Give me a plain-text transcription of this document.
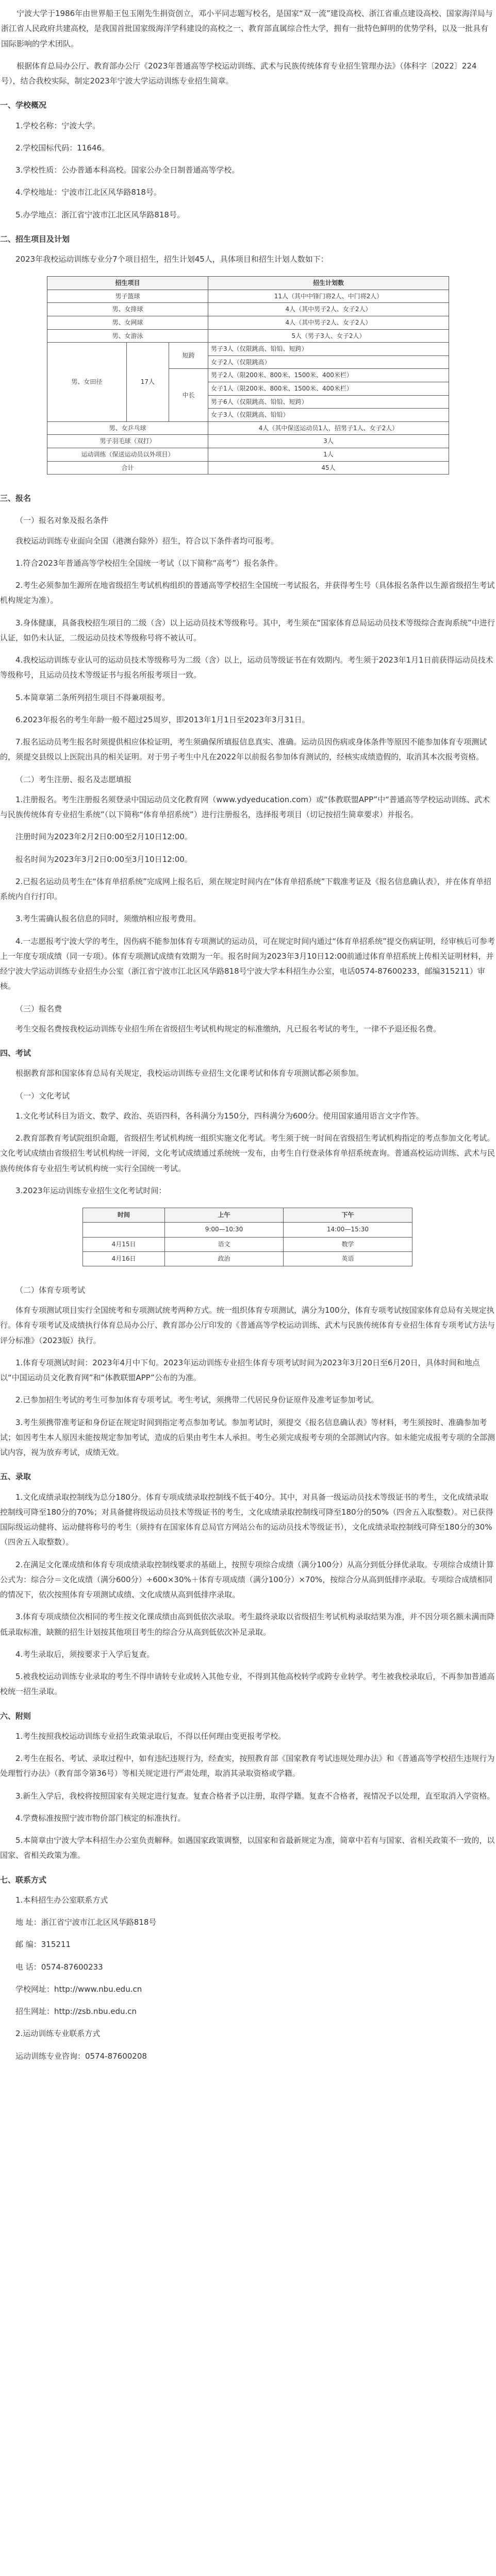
宁波大学于1986年由世界船王包玉刚先生捐资创立，邓小平同志题写校名，是国家“双一流”建设高校、浙江省重点建设高校、国家海洋局与浙江省人民政府共建高校，是我国首批国家级海洋学科建设的高校之一、教育部直属综合性大学，拥有一批特色鲜明的优势学科，以及一批具有国际影响的学术团队。

根据体育总局办公厅、教育部办公厅《2023年普通高等学校运动训练、武术与民族传统体育专业招生管理办法》（体科字〔2022〕224号），结合我校实际，制定2023年宁波大学运动训练专业招生简章。

一、学校概况

1.学校名称：宁波大学。

2.学校国标代码：11646。

3.学校性质：公办普通本科高校。国家公办全日制普通高等学校。

4.学校地址：宁波市江北区风华路818号。

5.办学地点：浙江省宁波市江北区风华路818号。

二、招生项目及计划

2023年我校运动训练专业分7个项目招生，招生计划45人，具体项目和招生计划人数如下：

招生项目			招生计划数
男子篮球			11人（其中中锋门将2人、中门将2人）
男、女排球			4人（其中男子2人、女子2人）
男、女网球			4人（其中男子2人、女子2人）
男、女游泳			5人（男子3人、女子2人）
男、女田径	17人	短跨	男子3人（仅限跳高、铅铅、短跨）
			女子2人（仅限跳高）
		中长	男子2人（限200米、800米、1500米、400米栏）
			女子1人（限200米、800米、1500米、400米栏）
			男子6人（仅限跳高、铅铅、短跨）
			女子3人（仅限跳高、铅铅）
男、女乒乓球			4人（其中保送运动员1人，招男子1人、女子2人）
男子羽毛球（双打）			3人
运动训练（保送运动员以外项目）			1人
合计			45人
三、报名

（一）报名对象及报名条件

我校运动训练专业面向全国（港澳台除外）招生，符合以下条件者均可报考。

1.符合2023年普通高等学校招生全国统一考试（以下简称“高考”）报名条件。

2.考生必须参加生源所在地省级招生考试机构组织的普通高等学校招生全国统一考试报名，并获得考生号（具体报名条件以生源省级招生考试机构规定为准）。

3.身体健康，具备我校招生项目的二级（含）以上运动员技术等级称号。其中，考生须在“国家体育总局运动员技术等级综合查询系统”中进行认证，如仍未认证，二级运动员技术等级称号将不被认可。

4.我校运动训练专业认可的运动员技术等级称号为二级（含）以上，运动员等级证书在有效期内。考生须于2023年1月1日前获得运动员技术等级称号，且运动员技术等级证书与报名所报考项目一致。

5.本简章第二条所列招生项目不得兼项报考。

6.2023年报名的考生年龄一般不超过25周岁，即2013年1月1日至2023年3月31日。

7.报名运动员考生报名时须提供相应体检证明，考生须确保所填报信息真实、准确。运动员因伤病或身体条件等原因不能参加体育专项测试的，须提交县级以上医院出具的相关证明。对于男子考生中凡在2022年以前报名参加体育测试的，经核实成绩造假的，取消其本次报考资格。

（二）考生注册、报名及志愿填报

1.注册报名。考生注册报名须登录中国运动员文化教育网（www.ydyeducation.com）或“体教联盟APP”中“普通高等学校运动训练、武术与民族传统体育专业招生系统”（以下简称“体育单招系统”）进行注册报名，选择报考项目（切记按招生简章要求）并报名。

注册时间为2023年2月2日0:00至2月10日12:00。

报名时间为2023年3月2日0:00至3月10日12:00。

2.已报名运动员考生在“体育单招系统”完成网上报名后，须在规定时间内在“体育单招系统”下载准考证及《报名信息确认表》，并在体育单招系统内自行打印。

3.考生需确认报名信息的同时，须缴纳相应报考费用。

4.一志愿报考宁波大学的考生，因伤病不能参加体育专项测试的运动员，可在规定时间内通过“体育单招系统”提交伤病证明，经审核后可参考上一年度专项成绩（同一专项）。体育专项测试成绩有效期为一年。报名时间为2023年3月10日12:00前通过体育单招系统上传相关证明材料，并经宁波大学运动训练专业招生办公室（浙江省宁波市江北区风华路818号宁波大学本科招生办公室，电话0574-87600233，邮编315211）审核。

（三）报名费

考生交报名费按我校运动训练专业招生所在省级招生考试机构规定的标准缴纳，凡已报名考试的考生，一律不予退还报名费。

四、考试

根据教育部和国家体育总局有关规定，我校运动训练专业招生文化课考试和体育专项测试都必须参加。

（一）文化考试

1.文化考试科目为语文、数学、政治、英语四科，各科满分为150分，四科满分为600分。使用国家通用语言文字作答。

2.教育部教育考试院组织命题，省级招生考试机构统一组织实施文化考试。考生须于统一时间在省级招生考试机构指定的考点参加文化考试。文化考试成绩由省级招生考试机构统一评阅，文化考试成绩通过系统统一发布，由考生自行登录体育单招系统查询。普通高校运动训练、武术与民族传统体育专业招生考试机构统一实行全国统一考试。

3.2023年运动训练专业招生文化考试时间：

时间	上午	下午
	9:00—10:30	14:00—15:30
4月15日	语文	数学
4月16日	政治	英语

（二）体育专项考试

体育专项测试项目实行全国统考和专项测试统考两种方式。统一组织体育专项测试，满分为100分，体育专项考试按国家体育总局有关规定执行。体育专项考试及成绩执行体育总局办公厅、教育部办公厅印发的《普通高等学校运动训练、武术与民族传统体育专业招生体育专项考试方法与评分标准》（2023版）执行。

1.体育专项测试时间：2023年4月中下旬。2023年运动训练专业招生体育专项考试时间为2023年3月20日至6月20日，具体时间和地点以“中国运动员文化教育网”和“体教联盟APP”公布的为准。

2.已参加招生考试的考生可参加体育专项考试。考生考试，须携带二代居民身份证原件及准考证参加考试。

3.考生须携带准考证和身份证在规定时间到指定考点参加考试。参加考试时，须提交《报名信息确认表》等材料，考生须按时、准确参加考试；如因考生本人原因未能按规定参加考试，造成的后果由考生本人承担。考生必须完成报考专项的全部测试内容。如未能完成报考专项的全部测试内容，视为放弃考试，成绩无效。

五、录取

1.文化成绩录取控制线为总分180分。体育专项成绩录取控制线不低于40分。其中，对具备一级运动员技术等级证书的考生，文化成绩录取控制线可降至180分的70%；对具备健将级运动员技术等级证书的考生，文化成绩录取控制线可降至180分的50%（四舍五入取整数）。对已获得国际级运动健将、运动健将称号的考生（须持有在国家体育总局官方网站公布的运动员技术等级证书），文化成绩录取控制线可降至180分的30%（四舍五入取整数）。

2.在满足文化课成绩和体育专项成绩录取控制线要求的基础上，按照专项综合成绩（满分100分）从高分到低分择优录取。专项综合成绩计算公式为：综合分＝文化成绩（满分600分）÷600×30%＋体育专项成绩（满分100分）×70%，按综合分从高到低排序录取。专项综合成绩相同的情况下，依次按照体育专项测试成绩、文化成绩从高到低排序录取。

3.体育专项成绩位次相同的考生按文化课成绩由高到低依次录取。考生最终录取以省级招生考试机构录取结果为准，并不因分项名额未满而降低录取标准，缺额的招生计划按其他项目考生的综合分从高到低依次补足录取。

4.考生录取后，须按要求于入学后复查。

5.被我校运动训练专业录取的考生不得申请转专业或转入其他专业，不得到其他高校转学或跨专业转学。考生被我校录取后，不再参加普通高校统一招生录取。

六、附则

1.考生按照我校运动训练专业招生政策录取后，不得以任何理由变更报考学校。

2.考生在报名、考试、录取过程中，如有违纪违规行为，经查实，按照教育部《国家教育考试违规处理办法》和《普通高等学校招生违规行为处理暂行办法》（教育部令第36号）等相关规定进行严肃处理，取消其录取资格或学籍。

3.新生入学后，我校将按照国家有关规定进行复查。复查合格者予以注册，取得学籍。复查不合格者，视情况予以处理，直至取消入学资格。

4.学费标准按照宁波市物价部门核定的标准执行。

5.本简章由宁波大学本科招生办公室负责解释。如遇国家政策调整，以国家和省最新规定为准，简章中若有与国家、省相关政策不一致的，以国家、省相关政策为准。

七、联系方式

1.本科招生办公室联系方式

地 址：浙江省宁波市江北区风华路818号

邮 编：315211

电 话：0574-87600233

学校网址：http://www.nbu.edu.cn

招生网址：http://zsb.nbu.edu.cn

2.运动训练专业联系方式

运动训练专业咨询：0574-87600208
